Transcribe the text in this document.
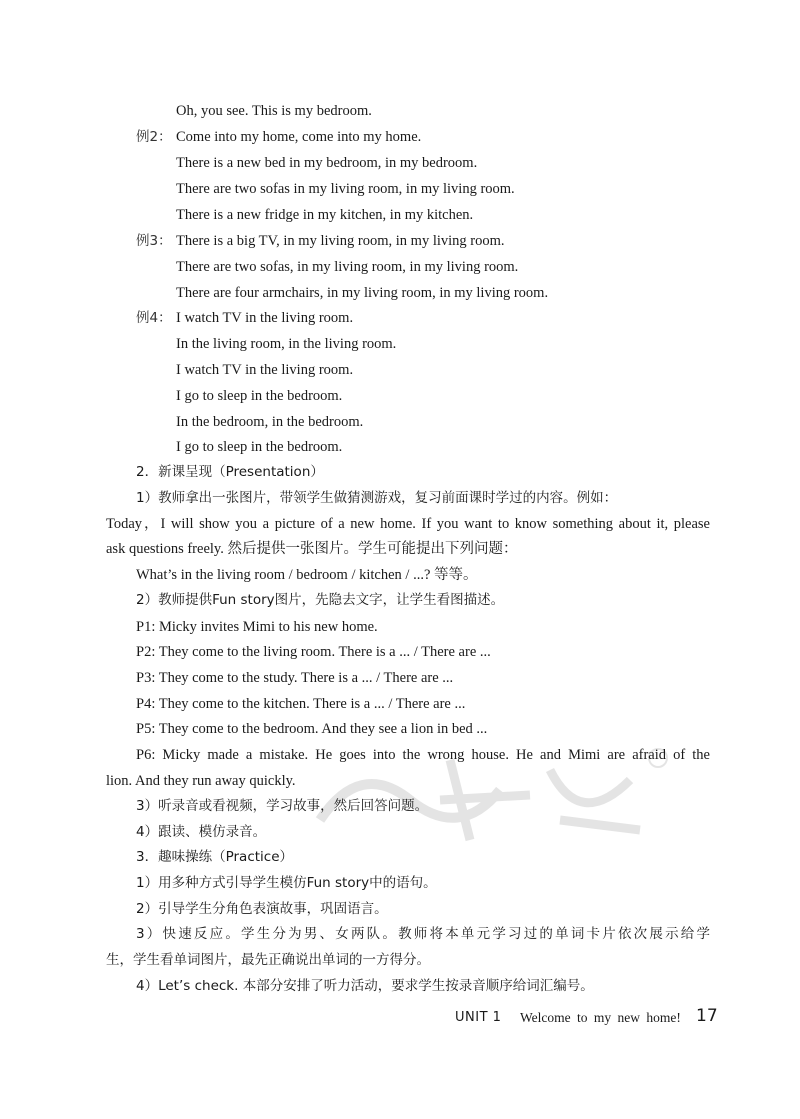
Oh, you see. This is my bedroom.
例2： Come into my home, come into my home.
There is a new bed in my bedroom, in my bedroom.
There are two sofas in my living room, in my living room.
There is a new fridge in my kitchen, in my kitchen.
例3： There is a big TV, in my living room, in my living room.
There are two sofas, in my living room, in my living room.
There are four armchairs, in my living room, in my living room.
例4： I watch TV in the living room.
In the living room, in the living room.
I watch TV in the living room.
I go to sleep in the bedroom.
In the bedroom, in the bedroom.
I go to sleep in the bedroom.
2．新课呈现（Presentation）
1）教师拿出一张图片，带领学生做猜测游戏，复习前面课时学过的内容。例如：
Today，I will show you a picture of a new home. If you want to know something about it, please
ask questions freely. 然后提供一张图片。学生可能提出下列问题：
What’s in the living room / bedroom / kitchen / ...? 等等。
2）教师提供Fun story图片，先隐去文字，让学生看图描述。
P1: Micky invites Mimi to his new home.
P2: They come to the living room. There is a ... / There are ...
P3: They come to the study. There is a ... / There are ...
P4: They come to the kitchen. There is a ... / There are ...
P5: They come to the bedroom. And they see a lion in bed ...
P6: Micky made a mistake. He goes into the wrong house. He and Mimi are afraid of the
lion. And they run away quickly.
3）听录音或看视频，学习故事，然后回答问题。
4）跟读、模仿录音。
3．趣味操练（Practice）
1）用多种方式引导学生模仿Fun story中的语句。
2）引导学生分角色表演故事，巩固语言。
3）快速反应。学生分为男、女两队。教师将本单元学习过的单词卡片依次展示给学
生，学生看单词图片，最先正确说出单词的一方得分。
4）Let’s check. 本部分安排了听力活动，要求学生按录音顺序给词汇编号。
UNIT 1 Welcome to my new home! 17
